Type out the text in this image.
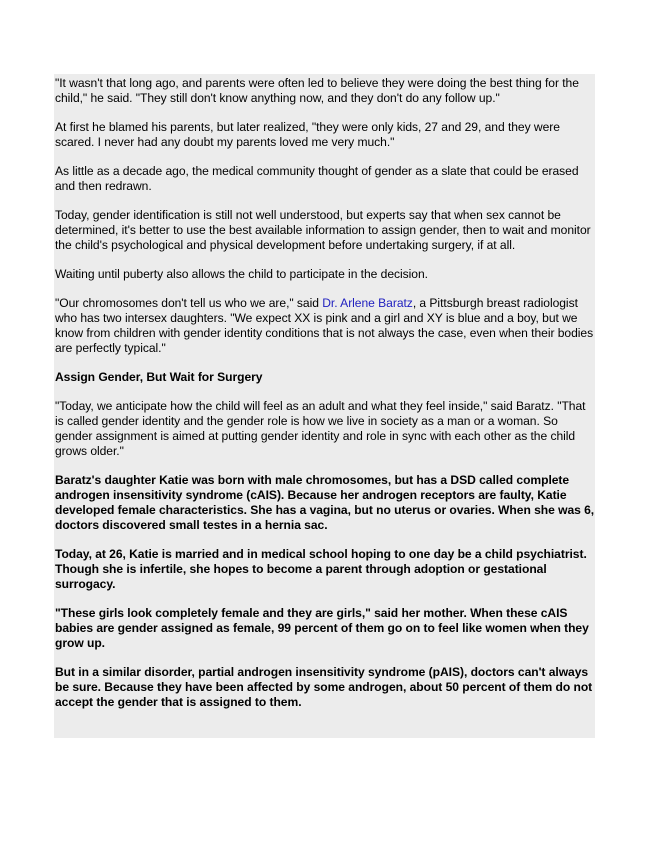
"It wasn't that long ago, and parents were often led to believe they were doing the best thing for the child," he said. "They still don't know anything now, and they don't do any follow up."

At first he blamed his parents, but later realized, "they were only kids, 27 and 29, and they were scared. I never had any doubt my parents loved me very much."

As little as a decade ago, the medical community thought of gender as a slate that could be erased and then redrawn.

Today, gender identification is still not well understood, but experts say that when sex cannot be determined, it's better to use the best available information to assign gender, then to wait and monitor the child's psychological and physical development before undertaking surgery, if at all.

Waiting until puberty also allows the child to participate in the decision.

"Our chromosomes don't tell us who we are," said Dr. Arlene Baratz, a Pittsburgh breast radiologist who has two intersex daughters. "We expect XX is pink and a girl and XY is blue and a boy, but we know from children with gender identity conditions that is not always the case, even when their bodies are perfectly typical."

Assign Gender, But Wait for Surgery

"Today, we anticipate how the child will feel as an adult and what they feel inside," said Baratz. "That is called gender identity and the gender role is how we live in society as a man or a woman. So gender assignment is aimed at putting gender identity and role in sync with each other as the child grows older."

Baratz's daughter Katie was born with male chromosomes, but has a DSD called complete androgen insensitivity syndrome (cAIS). Because her androgen receptors are faulty, Katie developed female characteristics. She has a vagina, but no uterus or ovaries. When she was 6, doctors discovered small testes in a hernia sac.

Today, at 26, Katie is married and in medical school hoping to one day be a child psychiatrist. Though she is infertile, she hopes to become a parent through adoption or gestational surrogacy.

"These girls look completely female and they are girls," said her mother. When these cAIS babies are gender assigned as female, 99 percent of them go on to feel like women when they grow up.

But in a similar disorder, partial androgen insensitivity syndrome (pAIS), doctors can't always be sure. Because they have been affected by some androgen, about 50 percent of them do not accept the gender that is assigned to them.
